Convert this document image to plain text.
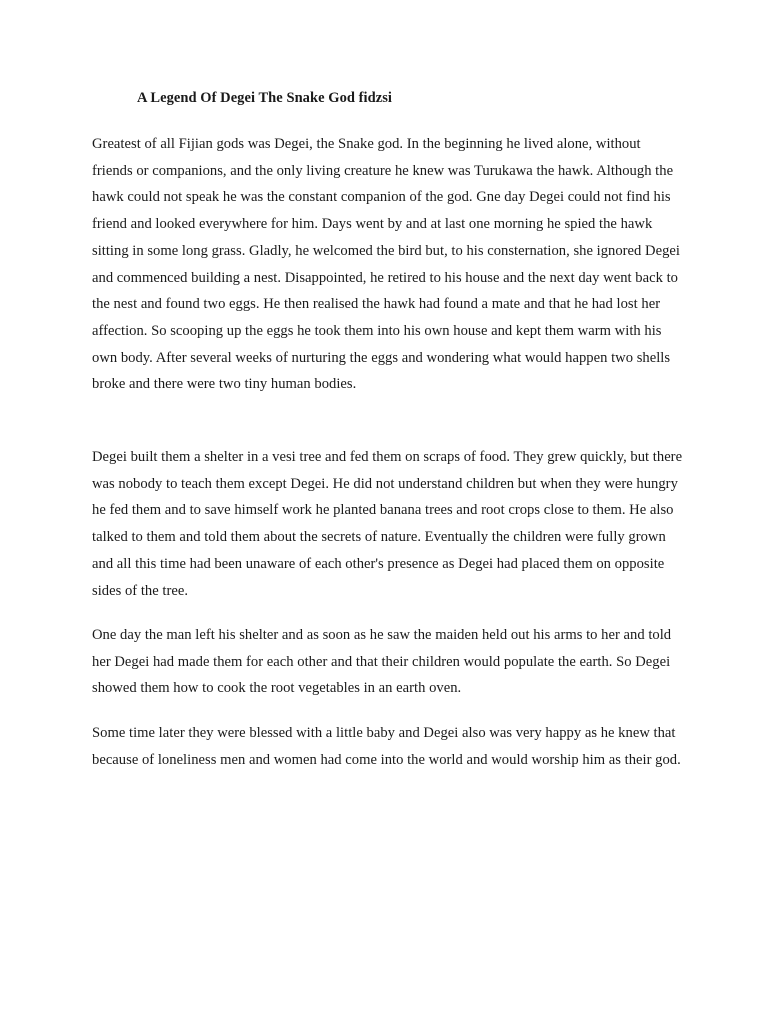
A Legend Of Degei The Snake God fidzsi

Greatest of all Fijian gods was Degei, the Snake god. In the beginning he lived alone, without friends or companions, and the only living creature he knew was Turukawa the hawk. Although the hawk could not speak he was the constant companion of the god. Gne day Degei could not find his friend and looked everywhere for him. Days went by and at last one morning he spied the hawk sitting in some long grass. Gladly, he welcomed the bird but, to his consternation, she ignored Degei and commenced building a nest. Disappointed, he retired to his house and the next day went back to the nest and found two eggs. He then realised the hawk had found a mate and that he had lost her affection. So scooping up the eggs he took them into his own house and kept them warm with his own body. After several weeks of nurturing the eggs and wondering what would happen two shells broke and there were two tiny human bodies.

Degei built them a shelter in a vesi tree and fed them on scraps of food. They grew quickly, but there was nobody to teach them except Degei. He did not understand children but when they were hungry he fed them and to save himself work he planted banana trees and root crops close to them. He also talked to them and told them about the secrets of nature. Eventually the children were fully grown and all this time had been unaware of each other's presence as Degei had placed them on opposite sides of the tree.

One day the man left his shelter and as soon as he saw the maiden held out his arms to her and told her Degei had made them for each other and that their children would populate the earth. So Degei showed them how to cook the root vegetables in an earth oven.

Some time later they were blessed with a little baby and Degei also was very happy as he knew that because of loneliness men and women had come into the world and would worship him as their god.
